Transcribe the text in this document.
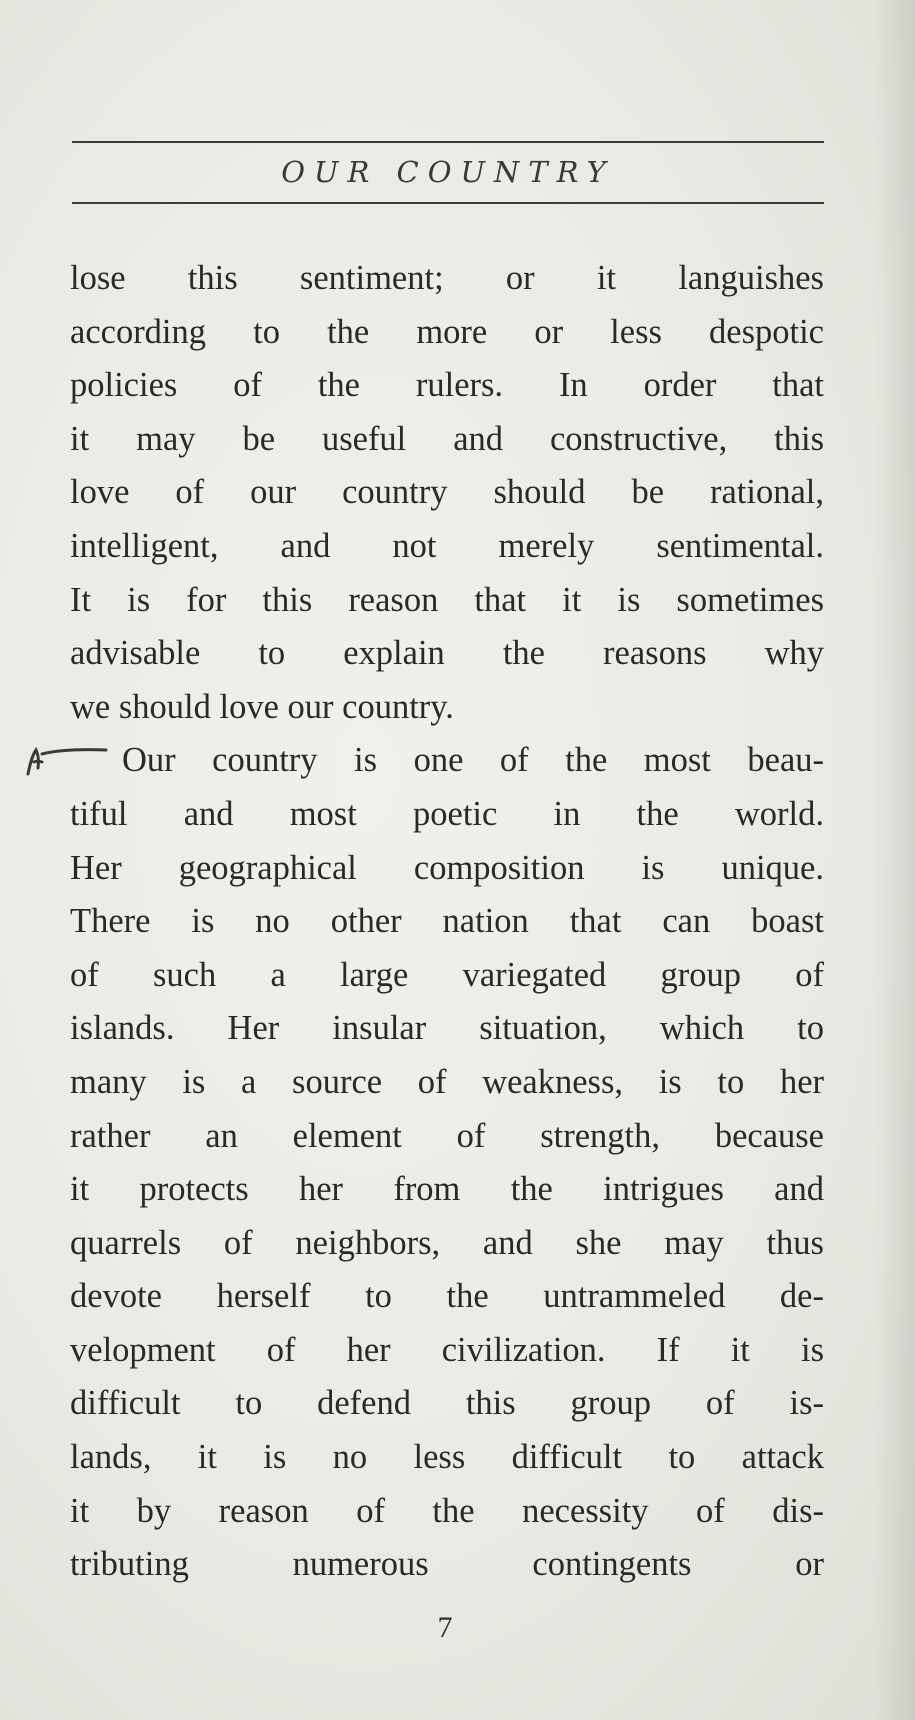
OUR COUNTRY
lose this sentiment; or it languishes
according to the more or less despotic
policies of the rulers. In order that
it may be useful and constructive, this
love of our country should be rational,
intelligent, and not merely sentimental.
It is for this reason that it is sometimes
advisable to explain the reasons why
we should love our country.
Our country is one of the most beau-
tiful and most poetic in the world.
Her geographical composition is unique.
There is no other nation that can boast
of such a large variegated group of
islands. Her insular situation, which to
many is a source of weakness, is to her
rather an element of strength, because
it protects her from the intrigues and
quarrels of neighbors, and she may thus
devote herself to the untrammeled de-
velopment of her civilization. If it is
difficult to defend this group of is-
lands, it is no less difficult to attack
it by reason of the necessity of dis-
tributing numerous contingents or
7
